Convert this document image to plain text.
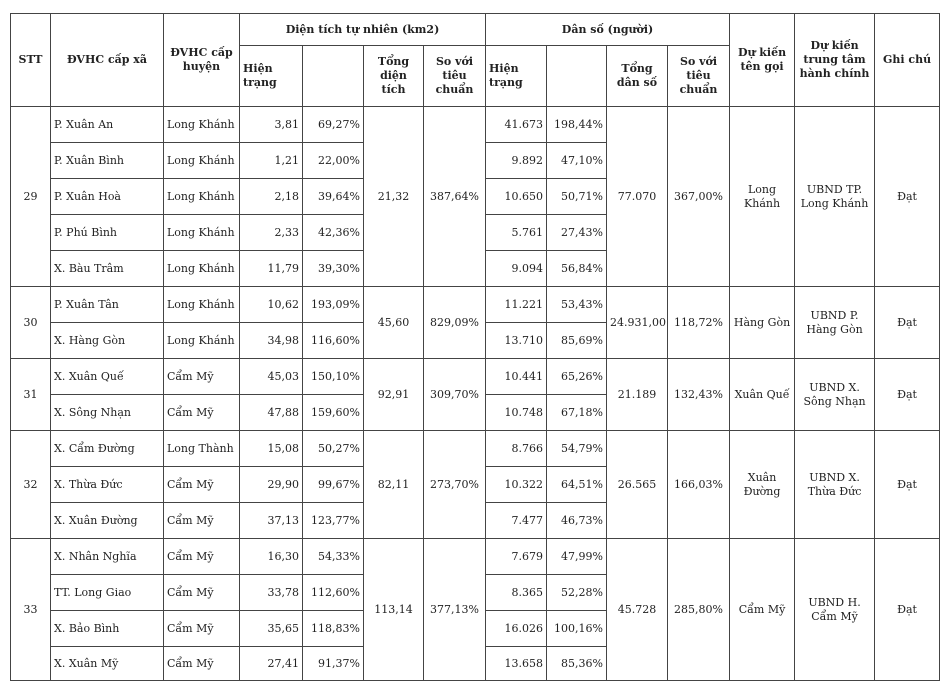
STT	ĐVHC cấp xã	ĐVHC cấp huyện	Diện tích tự nhiên (km2)				Dân số (người)				Dự kiến tên gọi	Dự kiến trung tâm hành chính	Ghi chú
			Hiện trạng		Tổng diện tích	So với tiêu chuẩn	Hiện trạng		Tổng dân số	So với tiêu chuẩn			
29	P. Xuân An	Long Khánh	3,81	69,27%	21,32	387,64%	41.673	198,44%	77.070	367,00%	Long Khánh	UBND TP. Long Khánh	Đạt
	P. Xuân Bình	Long Khánh	1,21	22,00%			9.892	47,10%					
	P. Xuân Hoà	Long Khánh	2,18	39,64%			10.650	50,71%					
	P. Phú Bình	Long Khánh	2,33	42,36%			5.761	27,43%					
	X. Bàu Trâm	Long Khánh	11,79	39,30%			9.094	56,84%					
30	P. Xuân Tân	Long Khánh	10,62	193,09%	45,60	829,09%	11.221	53,43%	24.931,00	118,72%	Hàng Gòn	UBND P. Hàng Gòn	Đạt
	X. Hàng Gòn	Long Khánh	34,98	116,60%			13.710	85,69%					
31	X. Xuân Quế	Cẩm Mỹ	45,03	150,10%	92,91	309,70%	10.441	65,26%	21.189	132,43%	Xuân Quế	UBND X. Sông Nhạn	Đạt
	X. Sông Nhạn	Cẩm Mỹ	47,88	159,60%			10.748	67,18%					
32	X. Cẩm Đường	Long Thành	15,08	50,27%	82,11	273,70%	8.766	54,79%	26.565	166,03%	Xuân Đường	UBND X. Thừa Đức	Đạt
	X. Thừa Đức	Cẩm Mỹ	29,90	99,67%			10.322	64,51%					
	X. Xuân Đường	Cẩm Mỹ	37,13	123,77%			7.477	46,73%					
33	X. Nhân Nghĩa	Cẩm Mỹ	16,30	54,33%	113,14	377,13%	7.679	47,99%	45.728	285,80%	Cẩm Mỹ	UBND H. Cẩm Mỹ	Đạt
	TT. Long Giao	Cẩm Mỹ	33,78	112,60%			8.365	52,28%					
	X. Bảo Bình	Cẩm Mỹ	35,65	118,83%			16.026	100,16%					
	X. Xuân Mỹ	Cẩm Mỹ	27,41	91,37%			13.658	85,36%					
